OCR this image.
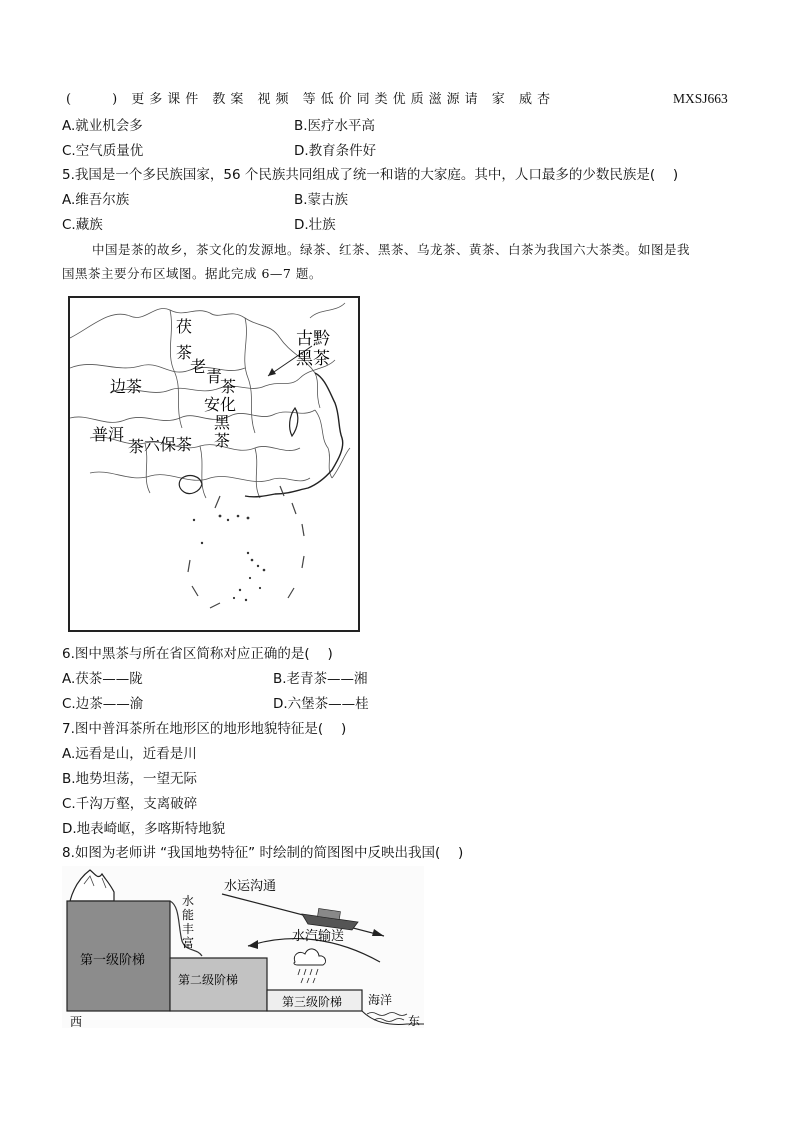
(　　) 更多课件 教案 视频 等低价同类优质滋源请 家 威杏	MXSJ663
A.就业机会多	B.医疗水平高
C.空气质量优	D.教育条件好
5.我国是一个多民族国家，56 个民族共同组成了统一和谐的大家庭。其中，人口最多的少数民族是(　 )
A.维吾尔族	B.蒙古族
C.藏族	D.壮族
中国是茶的故乡，茶文化的发源地。绿茶、红茶、黑茶、乌龙茶、黄茶、白茶为我国六大茶类。如图是我
国黑茶主要分布区域图。据此完成 6—7 题。
茯
茶
老
青
茶
边茶
古黔
黑茶
安化
黑
茶
普洱
茶 六保茶
6.图中黑茶与所在省区简称对应正确的是(　 )
A.茯茶——陇	B.老青茶——湘
C.边茶——渝	D.六堡茶——桂
7.图中普洱茶所在地形区的地形地貌特征是(　 )
A.远看是山，近看是川
B.地势坦荡，一望无际
C.千沟万壑，支离破碎
D.地表崎岖，多喀斯特地貌
8.如图为老师讲 “我国地势特征” 时绘制的简图图中反映出我国(　 )
水运沟通
水汽输送
水
能
丰
富
第一级阶梯
第二级阶梯
第三级阶梯 海洋
西	东
